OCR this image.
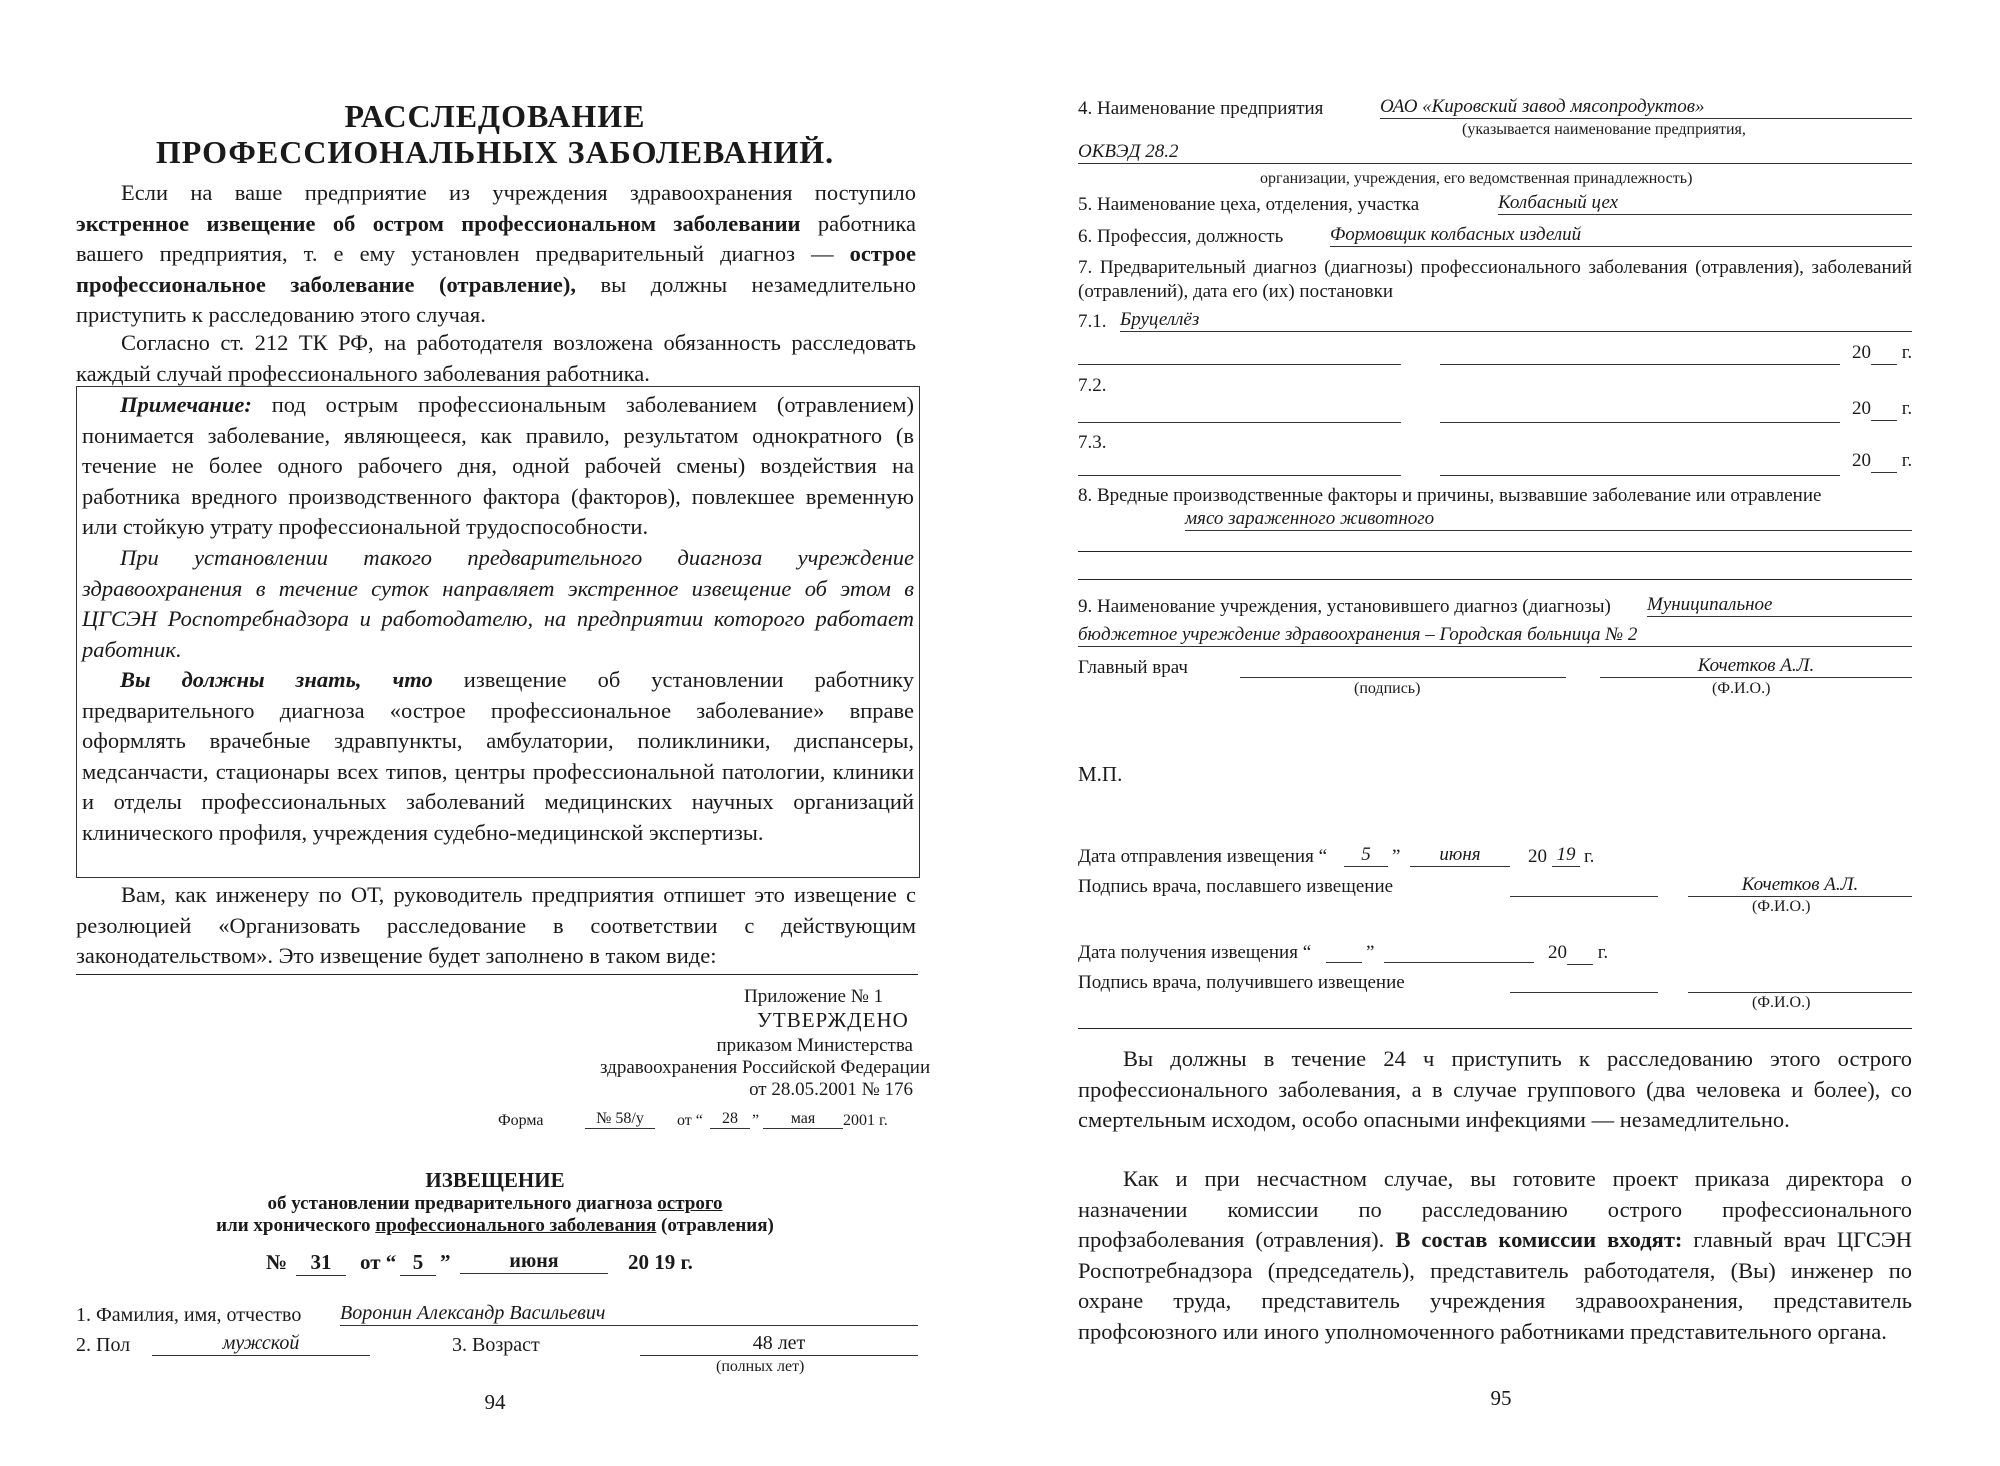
РАССЛЕДОВАНИЕ
ПРОФЕССИОНАЛЬНЫХ ЗАБОЛЕВАНИЙ.
Если на ваше предприятие из учреждения здравоохранения поступило экстренное извещение об остром профессиональном заболевании работника вашего предприятия, т. е ему установлен предварительный диагноз — острое профессиональное заболевание (отравление), вы должны незамедлительно приступить к расследованию этого случая.
Согласно ст. 212 ТК РФ, на работодателя возложена обязанность расследовать каждый случай профессионального заболевания работника.
Примечание: под острым профессиональным заболеванием (отравлением) понимается заболевание, являющееся, как правило, результатом однократного (в течение не более одного рабочего дня, одной рабочей смены) воздействия на работника вредного производственного фактора (факторов), повлекшее временную или стойкую утрату профессиональной трудоспособности.
При установлении такого предварительного диагноза учреждение здравоохранения в течение суток направляет экстренное извещение об этом в ЦГСЭН Роспотребнадзора и работодателю, на предприятии которого работает работник.
Вы должны знать, что извещение об установлении работнику предварительного диагноза «острое профессиональное заболевание» вправе оформлять врачебные здравпункты, амбулатории, поликлиники, диспансеры, медсанчасти, стационары всех типов, центры профессиональной патологии, клиники и отделы профессиональных заболеваний медицинских научных организаций клинического профиля, учреждения судебно-медицинской экспертизы.
Вам, как инженеру по ОТ, руководитель предприятия отпишет это извещение с резолюцией «Организовать расследование в соответствии с действующим законодательством». Это извещение будет заполнено в таком виде:
Приложение № 1
УТВЕРЖДЕНО
приказом Министерства
здравоохранения Российской Федерации
от 28.05.2001 № 176
Форма	№ 58/у	от “	28 ”	мая	2001 г.
ИЗВЕЩЕНИЕ
об установлении предварительного диагноза острого
или хронического профессионального заболевания (отравления)
№	31	от “ 5 ”	июня	20 19 г.
1. Фамилия, имя, отчество Воронин Александр Васильевич
2. Пол	мужской	3. Возраст	48 лет
(полных лет)
94
4. Наименование предприятия	ОАО «Кировский завод мясопродуктов»
(указывается наименование предприятия,
ОКВЭД 28.2
организации, учреждения, его ведомственная принадлежность)
5. Наименование цеха, отделения, участка	Колбасный цех
6. Профессия, должность Формовщик колбасных изделий
7. Предварительный диагноз (диагнозы) профессионального заболевания (отравления), заболеваний (отравлений), дата его (их) постановки
7.1. Бруцеллёз
20 г.
7.2.
20 г.
7.3.
20 г.
8. Вредные производственные факторы и причины, вызвавшие заболевание или отравление
мясо зараженного животного
9. Наименование учреждения, установившего диагноз (диагнозы) Муниципальное
бюджетное учреждение здравоохранения – Городская больница № 2
Главный врач	Кочетков А.Л.
(подпись)	(Ф.И.О.)
М.П.
Дата отправления извещения “	5	”	июня	20 19 г.
Подпись врача, пославшего извещение	Кочетков А.Л.
(Ф.И.О.)
Дата получения извещения “	”	20 г.
Подпись врача, получившего извещение
(Ф.И.О.)
Вы должны в течение 24 ч приступить к расследованию этого острого профессионального заболевания, а в случае группового (два человека и более), со смертельным исходом, особо опасными инфекциями — незамедлительно.
Как и при несчастном случае, вы готовите проект приказа директора о назначении комиссии по расследованию острого профессионального профзаболевания (отравления). В состав комиссии входят: главный врач ЦГСЭН Роспотребнадзора (председатель), представитель работодателя, (Вы) инженер по охране труда, представитель учреждения здравоохранения, представитель профсоюзного или иного уполномоченного работниками представительного органа.
95
